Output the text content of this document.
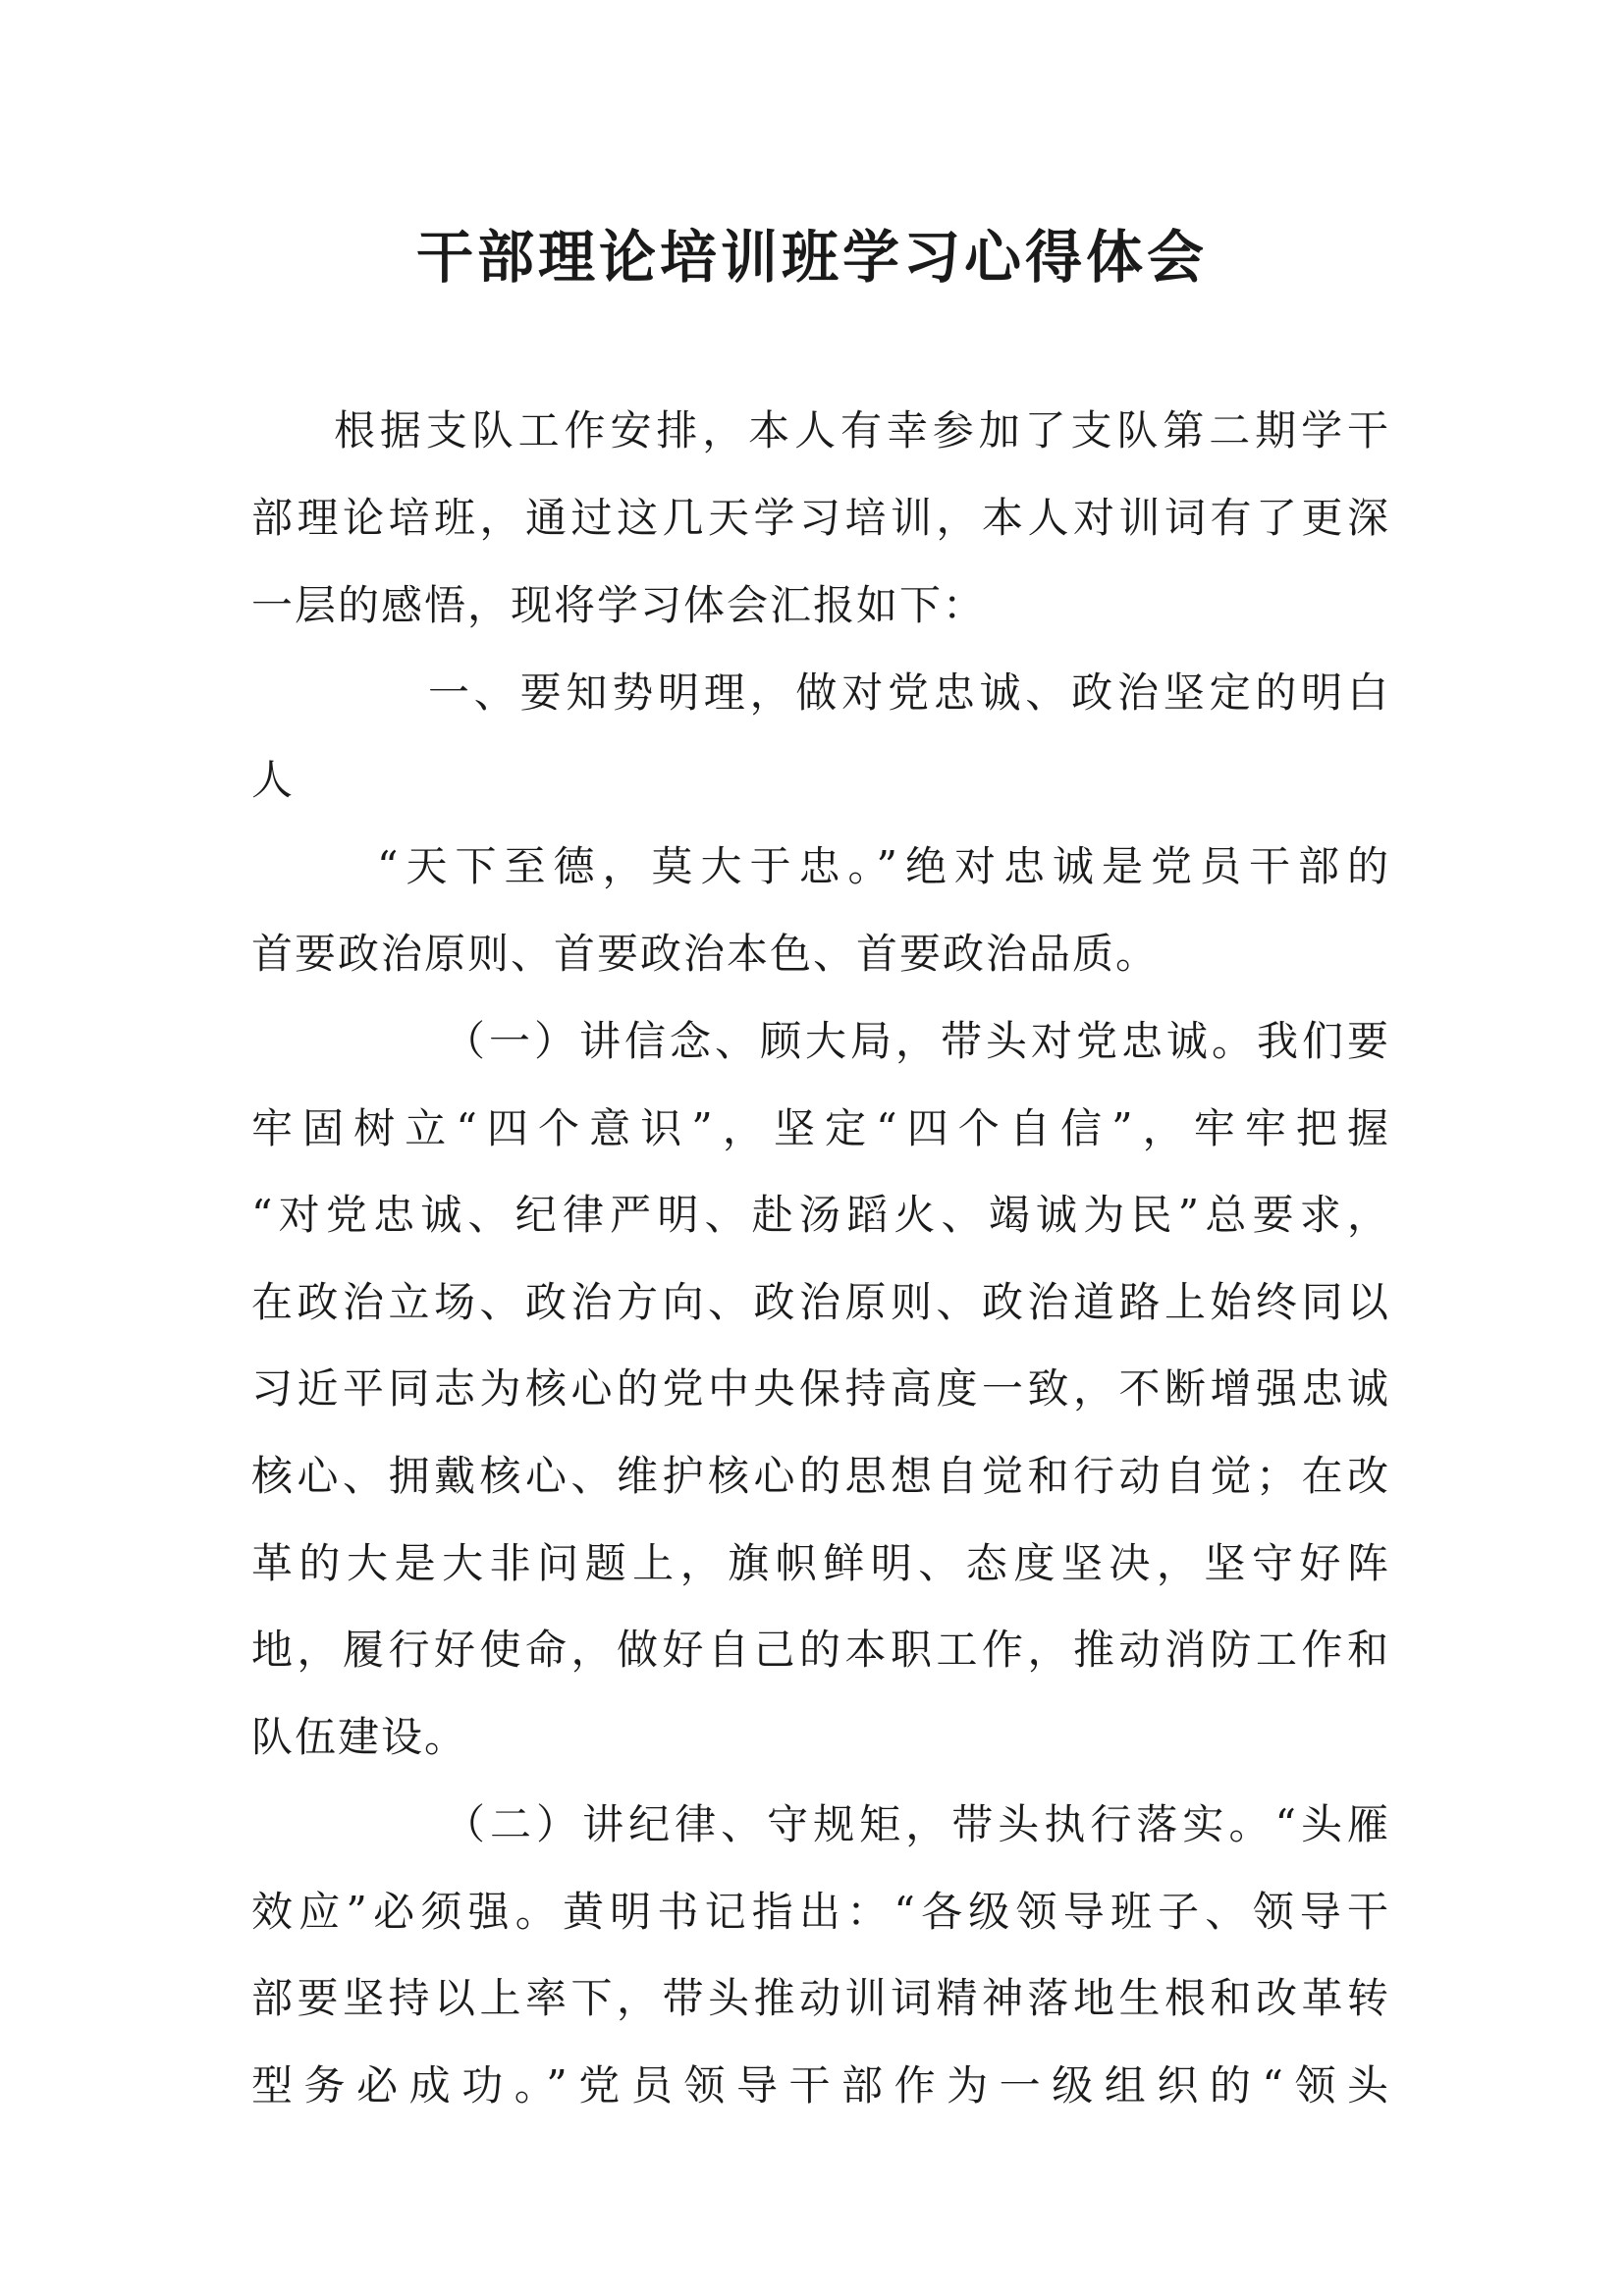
干部理论培训班学习心得体会

根据支队工作安排，本人有幸参加了支队第二期学干

部理论培班，通过这几天学习培训，本人对训词有了更深

一层的感悟，现将学习体会汇报如下：

一、要知势明理，做对党忠诚、政治坚定的明白

人

“天下至德，莫大于忠。”绝对忠诚是党员干部的

首要政治原则、首要政治本色、首要政治品质。

（一）讲信念、顾大局，带头对党忠诚。我们要

牢固树立“四个意识”，坚定“四个自信”，牢牢把握

“对党忠诚、纪律严明、赴汤蹈火、竭诚为民”总要求，

在政治立场、政治方向、政治原则、政治道路上始终同以

习近平同志为核心的党中央保持高度一致，不断增强忠诚

核心、拥戴核心、维护核心的思想自觉和行动自觉；在改

革的大是大非问题上，旗帜鲜明、态度坚决，坚守好阵

地，履行好使命，做好自己的本职工作，推动消防工作和

队伍建设。

（二）讲纪律、守规矩，带头执行落实。“头雁

效应”必须强。黄明书记指出：“各级领导班子、领导干

部要坚持以上率下，带头推动训词精神落地生根和改革转

型务必成功。”党员领导干部作为一级组织的“领头
